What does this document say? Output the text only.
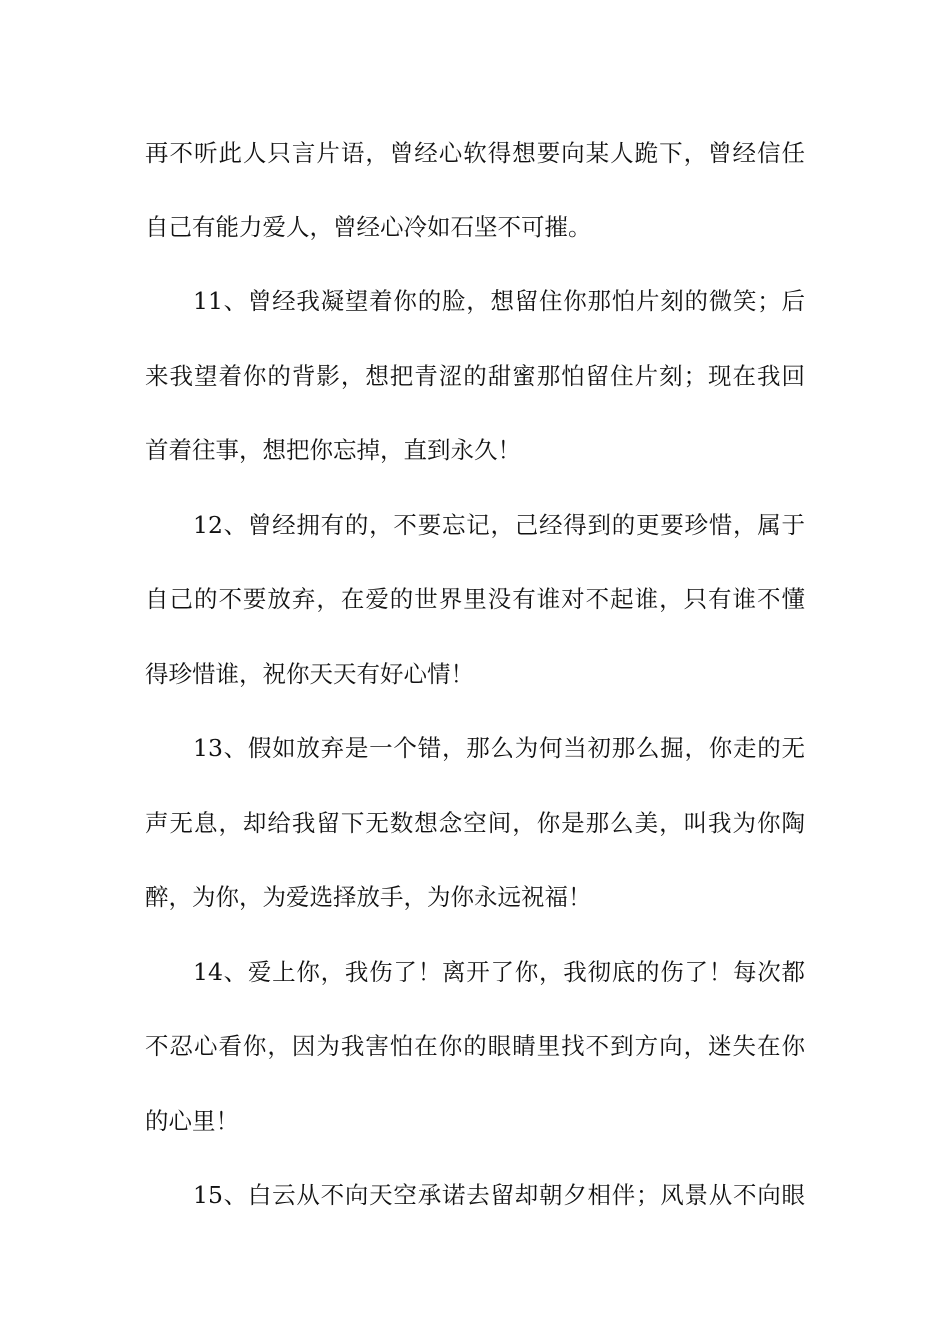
再不听此人只言片语，曾经心软得想要向某人跪下，曾经信任
自己有能力爱人，曾经心冷如石坚不可摧。
11、曾经我凝望着你的脸，想留住你那怕片刻的微笑；后
来我望着你的背影，想把青涩的甜蜜那怕留住片刻；现在我回
首着往事，想把你忘掉，直到永久！
12、曾经拥有的，不要忘记，己经得到的更要珍惜，属于
自己的不要放弃，在爱的世界里没有谁对不起谁，只有谁不懂
得珍惜谁，祝你天天有好心情！
13、假如放弃是一个错，那么为何当初那么掘，你走的无
声无息，却给我留下无数想念空间，你是那么美，叫我为你陶
醉，为你，为爱选择放手，为你永远祝福！
14、爱上你，我伤了！离开了你，我彻底的伤了！每次都
不忍心看你，因为我害怕在你的眼睛里找不到方向，迷失在你
的心里！
15、白云从不向天空承诺去留却朝夕相伴；风景从不向眼
